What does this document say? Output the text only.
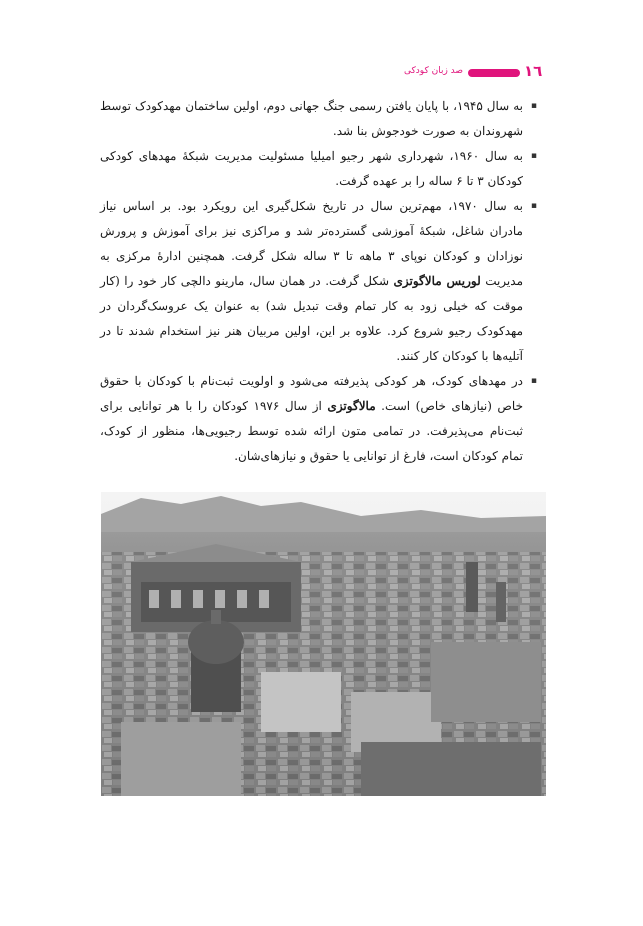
١٦
صد زبان کودکی
▪ به سال ۱۹۴۵، با پایان یافتن رسمی جنگ جهانی دوم، اولین ساختمان مهدکودک توسط شهروندان به صورت خودجوش بنا شد.
▪ به سال ۱۹۶۰، شهرداری شهر رجیو امیلیا مسئولیت مدیریت شبکهٔ مهدهای کودکی کودکان ۳ تا ۶ ساله را بر عهده گرفت.
▪ به سال ۱۹۷۰، مهم‌ترین سال در تاریخ شکل‌گیری این رویکرد بود. بر اساس نیاز مادران شاغل، شبکهٔ آموزشی گسترده‌تر شد و مراکزی نیز برای آموزش و پرورش نوزادان و کودکان نوپای ۳ ماهه تا ۳ ساله شکل گرفت. همچنین ادارهٔ مرکزی به مدیریت لوریس مالاگوتزی شکل گرفت. در همان سال، مارینو دالچی کار خود را (کار موقت که خیلی زود به کار تمام وقت تبدیل شد) به عنوان یک عروسک‌گردان در مهدکودک رجیو شروع کرد. علاوه بر این، اولین مربیان هنر نیز استخدام شدند تا در آتلیه‌ها با کودکان کار کنند.
▪ در مهدهای کودک، هر کودکی پذیرفته می‌شود و اولویت ثبت‌نام با کودکان با حقوق خاص (نیازهای خاص) است. مالاگوتزی از سال ۱۹۷۶ کودکان را با هر توانایی برای ثبت‌نام می‌پذیرفت. در تمامی متون ارائه شده توسط رجیویی‌ها، منظور از کودک، تمام کودکان است، فارغ از توانایی یا حقوق و نیازهای‌شان.
